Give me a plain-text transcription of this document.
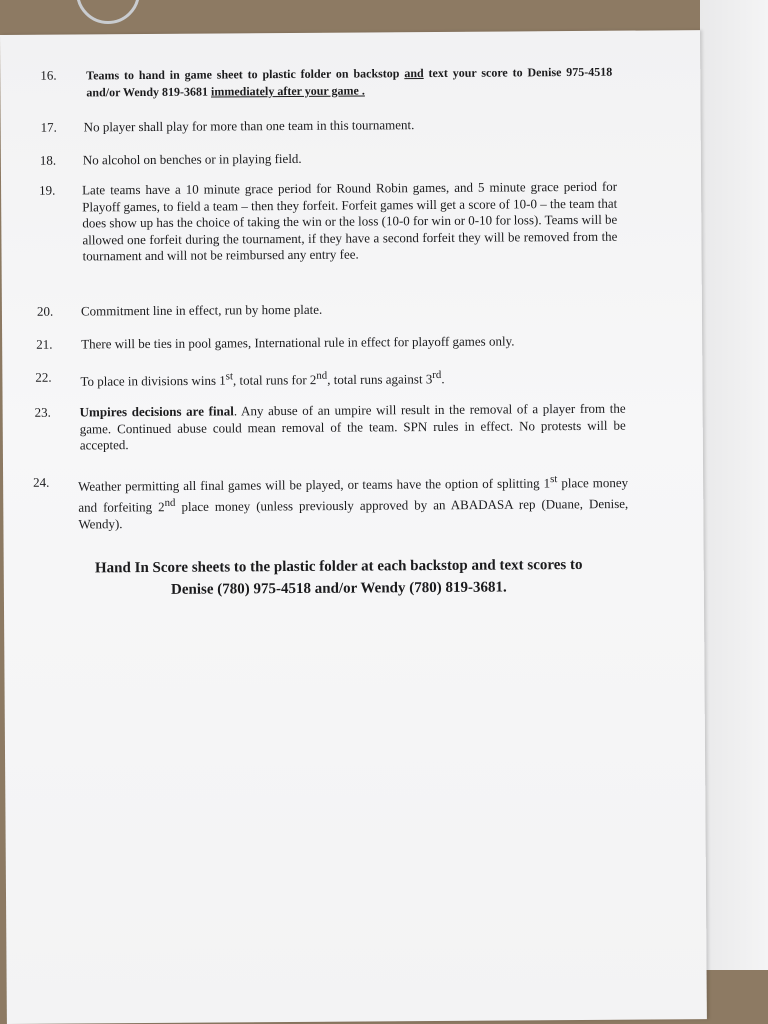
16. Teams to hand in game sheet to plastic folder on backstop and text your score to Denise 975-4518 and/or Wendy 819-3681 immediately after your game .
17. No player shall play for more than one team in this tournament.
18. No alcohol on benches or in playing field.
19. Late teams have a 10 minute grace period for Round Robin games, and 5 minute grace period for Playoff games, to field a team – then they forfeit. Forfeit games will get a score of 10-0 – the team that does show up has the choice of taking the win or the loss (10-0 for win or 0-10 for loss). Teams will be allowed one forfeit during the tournament, if they have a second forfeit they will be removed from the tournament and will not be reimbursed any entry fee.
20. Commitment line in effect, run by home plate.
21. There will be ties in pool games, International rule in effect for playoff games only.
22. To place in divisions wins 1st, total runs for 2nd, total runs against 3rd.
23. Umpires decisions are final. Any abuse of an umpire will result in the removal of a player from the game. Continued abuse could mean removal of the team. SPN rules in effect. No protests will be accepted.
24. Weather permitting all final games will be played, or teams have the option of splitting 1st place money and forfeiting 2nd place money (unless previously approved by an ABADASA rep (Duane, Denise, Wendy).
Hand In Score sheets to the plastic folder at each backstop and text scores to
Denise (780) 975-4518 and/or Wendy (780) 819-3681.
